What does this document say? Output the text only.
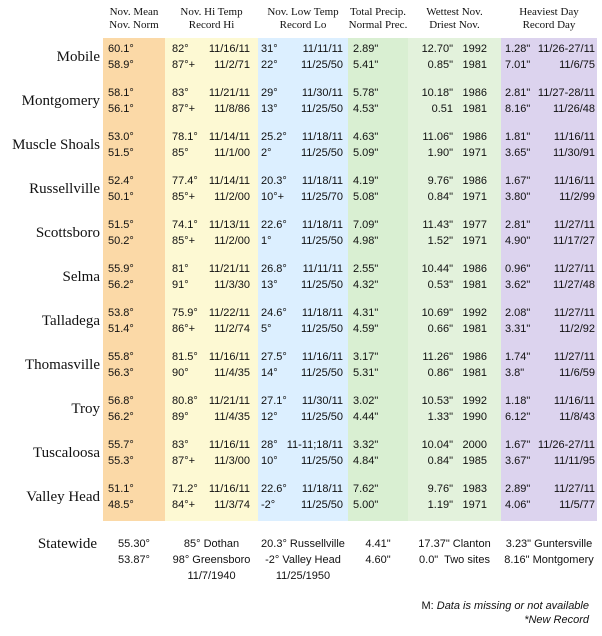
Nov. Mean
Nov. Norm
Nov. Hi Temp
Record Hi
Nov. Low Temp
Record Lo
Total Precip.
Normal Prec.
Wettest Nov.
Driest Nov.
Heaviest Day
Record Day
Mobile 60.1°
58.9°
82°
87°+
11/16/11
11/2/71
31°
22°
11/11/11
11/25/50
2.89"
5.41"
12.70"
0.85"
1992
1981
1.28"
7.01"
11/26-27/11
11/6/75
Montgomery 58.1°
56.1°
83°
87°+
11/21/11
11/8/86
29°
13°
11/30/11
11/25/50
5.78"
4.53"
10.18"
0.51
1986
1981
2.81"
8.16"
11/27-28/11
11/26/48
Muscle Shoals 53.0°
51.5°
78.1°
85°
11/14/11
11/1/00
25.2°
2°
11/18/11
11/25/50
4.63"
5.09"
11.06"
1.90"
1986
1971
1.81"
3.65"
11/16/11
11/30/91
Russellville 52.4°
50.1°
77.4°
85°+
11/14/11
11/2/00
20.3°
10°+
11/18/11
11/25/70
4.19"
5.08"
9.76"
0.84"
1986
1971
1.67"
3.80"
11/16/11
11/2/99
Scottsboro 51.5°
50.2°
74.1°
85°+
11/13/11
11/2/00
22.6°
1°
11/18/11
11/25/50
7.09"
4.98"
11.43"
1.52"
1977
1971
2.81"
4.90"
11/27/11
11/17/27
Selma 55.9°
56.2°
81°
91°
11/21/11
11/3/30
26.8°
13°
11/11/11
11/25/50
2.55"
4.32"
10.44"
0.53"
1986
1981
0.96"
3.62"
11/27/11
11/27/48
Talladega 53.8°
51.4°
75.9°
86°+
11/22/11
11/2/74
24.6°
5°
11/18/11
11/25/50
4.31"
4.59"
10.69"
0.66"
1992
1981
2.08"
3.31"
11/27/11
11/2/92
Thomasville 55.8°
56.3°
81.5°
90°
11/16/11
11/4/35
27.5°
14°
11/16/11
11/25/50
3.17"
5.31"
11.26"
0.86"
1986
1981
1.74"
3.8"
11/27/11
11/6/59
Troy 56.8°
56.2°
80.8°
89°
11/21/11
11/4/35
27.1°
12°
11/30/11
11/25/50
3.02"
4.44"
10.53"
1.33"
1992
1990
1.18"
6.12"
11/16/11
11/8/43
Tuscaloosa 55.7°
55.3°
83°
87°+
11/16/11
11/3/00
28°
10°
11-11;18/11
11/25/50
3.32"
4.84"
10.04"
0.84"
2000
1985
1.67"
3.67"
11/26-27/11
11/11/95
Valley Head 51.1°
48.5°
71.2°
84°+
11/16/11
11/3/74
22.6°
-2°
11/18/11
11/25/50
7.62"
5.00"
9.76"
1.19"
1983
1971
2.89"
4.06"
11/27/11
11/5/77
Statewide	55.30°
53.87°
85° Dothan
98° Greensboro
11/7/1940
20.3° Russellville
-2° Valley Head
11/25/1950
4.41"
4.60"
17.37" Clanton
0.0"  Two sites
3.23" Guntersville
8.16" Montgomery
M: Data is missing or not available
*New Record
